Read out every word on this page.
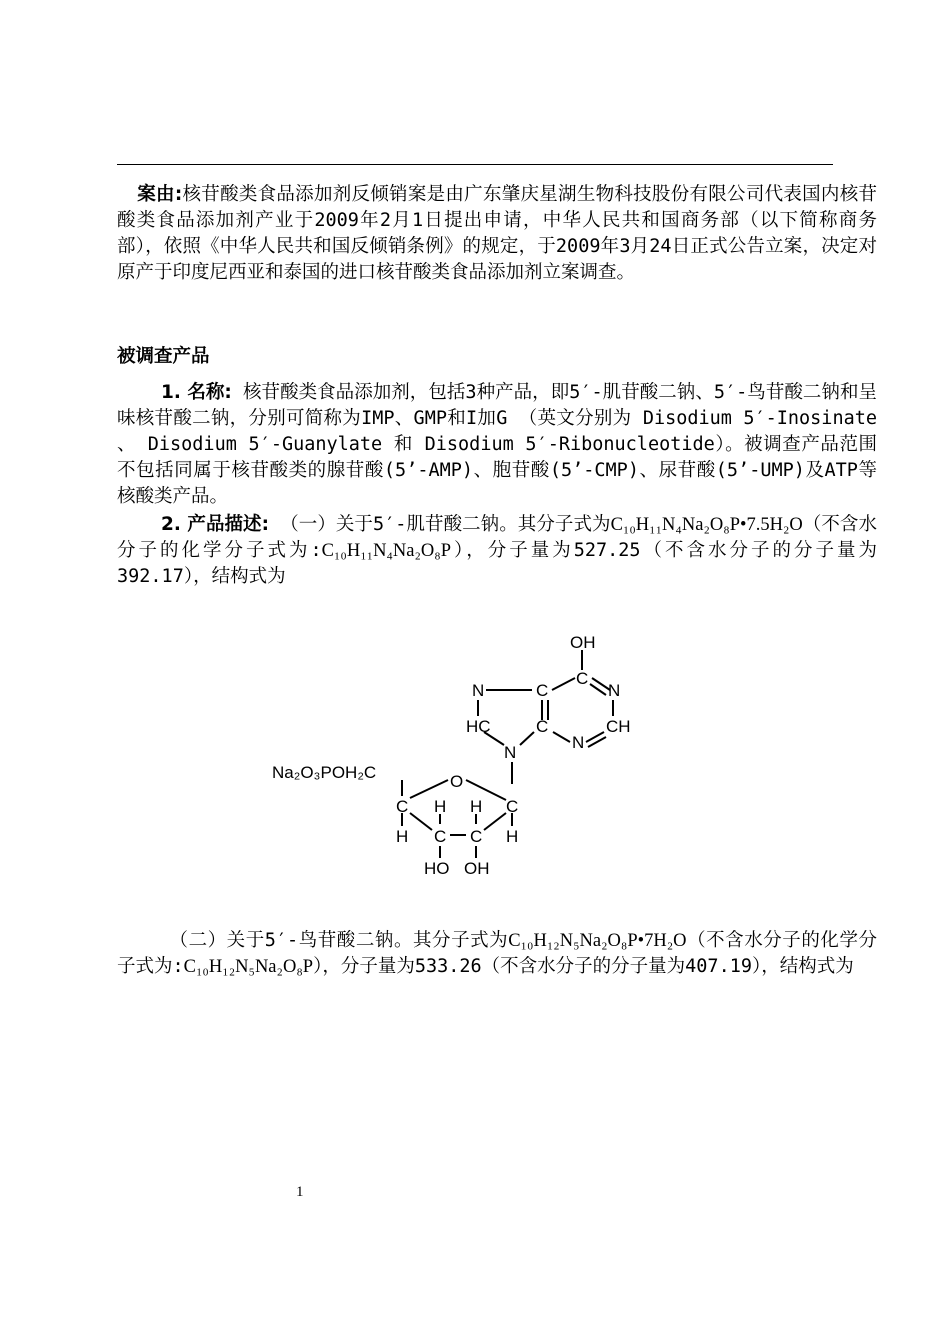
案由:核苷酸类食品添加剂反倾销案是由广东肇庆星湖生物科技股份有限公司代表国内核苷酸类食品添加剂产业于2009年2月1日提出申请，中华人民共和国商务部（以下简称商务部），依照《中华人民共和国反倾销条例》的规定，于2009年3月24日正式公告立案，决定对原产于印度尼西亚和泰国的进口核苷酸类食品添加剂立案调查。

被调查产品

1. 名称: 核苷酸类食品添加剂，包括3种产品，即5′-肌苷酸二钠、5′-鸟苷酸二钠和呈味核苷酸二钠，分别可简称为IMP、GMP和I加G （英文分别为 Disodium 5′-Inosinate 、 Disodium 5′-Guanylate 和 Disodium 5′-Ribonucleotide）。被调查产品范围不包括同属于核苷酸类的腺苷酸(5’-AMP)、胞苷酸(5’-CMP)、尿苷酸(5’-UMP)及ATP等核酸类产品。

2. 产品描述: （一）关于5′-肌苷酸二钠。其分子式为C₁₀H₁₁N₄Na₂O₈P•7.5H₂O（不含水分子的化学分子式为:C₁₀H₁₁N₄Na₂O₈P），分子量为527.25（不含水分子的分子量为392.17），结构式为

OH
C
N	C	N
HC	C
N
CH
N
Na₂O₃POH₂C	O
C
H
H
C C
H C
H
HO OH

（二）关于5′-鸟苷酸二钠。其分子式为C₁₀H₁₂N₅Na₂O₈P•7H₂O（不含水分子的化学分子式为:C₁₀H₁₂N₅Na₂O₈P），分子量为533.26（不含水分子的分子量为407.19），结构式为

1
